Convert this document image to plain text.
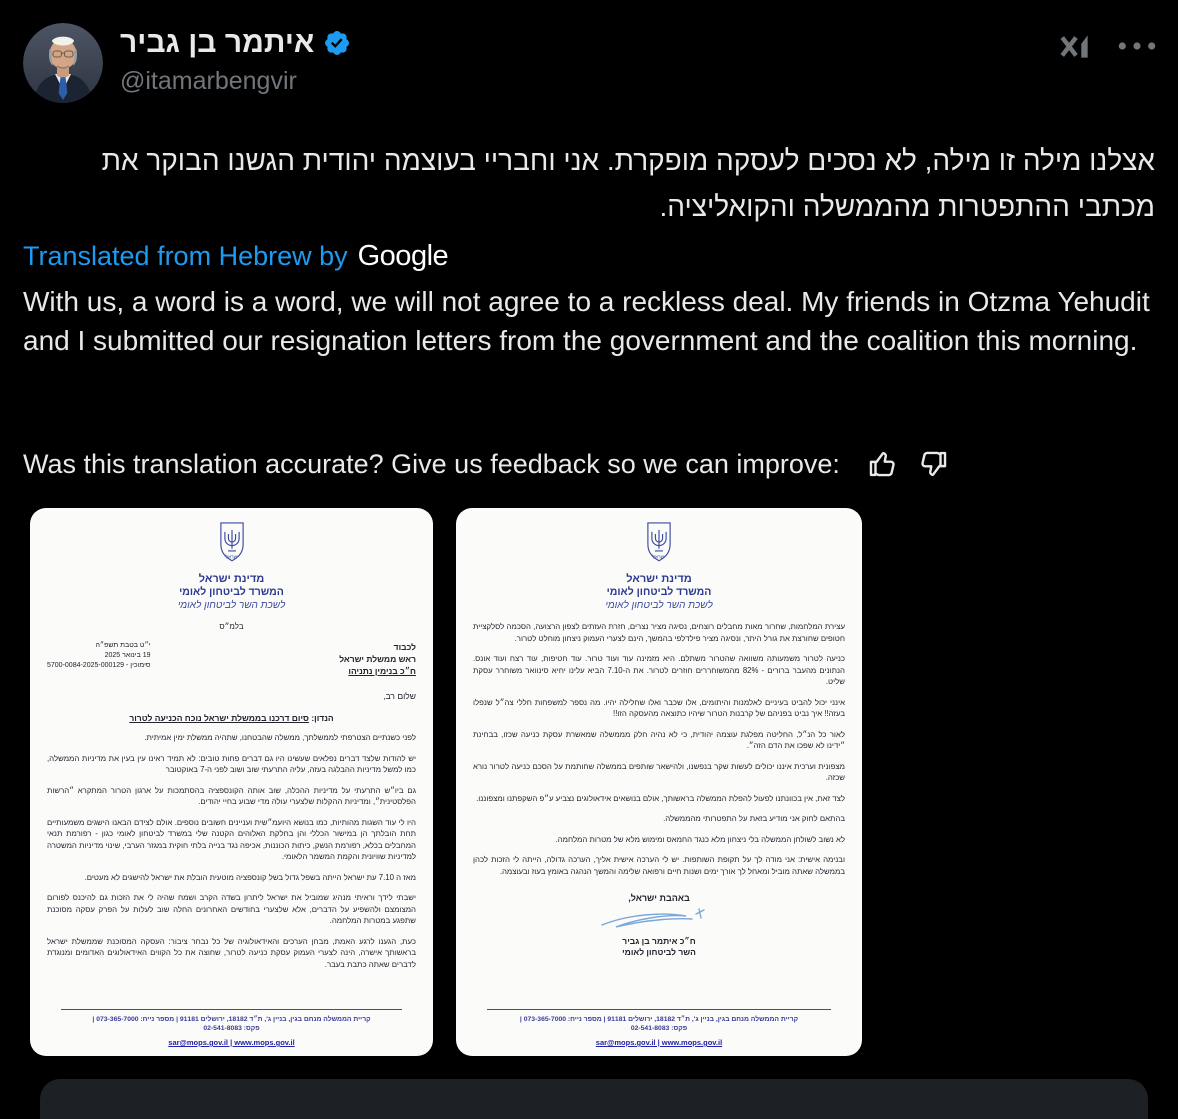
איתמר בן גביר
@itamarbengvir
אצלנו מילה זו מילה, לא נסכים לעסקה מופקרת. אני וחבריי בעוצמה יהודית הגשנו הבוקר את מכתבי ההתפטרות מהממשלה והקואליציה.
Translated from Hebrew by Google
With us, a word is a word, we will not agree to a reckless deal. My friends in Otzma Yehudit and I submitted our resignation letters from the government and the coalition this morning.
Was this translation accurate? Give us feedback so we can improve:
ישראל
מדינת ישראל
המשרד לביטחון לאומי
לשכת השר לביטחון לאומי
בלמ״ס
לכבוד
ראש ממשלת ישראל
ח״כ בנימין נתניהו
י״ט בטבת תשפ״ה
19 בינואר 2025
סימוכין - 5700-0084-2025-000129
שלום רב,
הנדון: סיום דרכנו בממשלת ישראל נוכח הכניעה לטרור
לפני כשנתיים הצטרפתי לממשלתך, ממשלה שהבטחנו, שתהיה ממשלת ימין אמיתית.
יש להודות שלצד דברים נפלאים שעשינו היו גם דברים פחות טובים: לא תמיד ראינו עין בעין את מדיניות הממשלה, כמו למשל מדיניות ההבלגה בעזה, עליה התרעתי שוב ושוב לפני ה-7 באוקטובר
גם ביו״ש התרעתי על מדיניות ההכלה, שוב אותה הקונספציה בהסתמכות על ארגון הטרור המתקרא ״הרשות הפלסטינית״, ומדיניות ההקלות שלצערי עולה מדי שבוע בחיי יהודים.
היו לי עוד השגות מהותיות, כמו בנושא היועמ״שית ועניינים חשובים נוספים. אולם לצידם הבאנו הישגים משמעותיים תחת הובלתך הן במישור הכללי והן בחלקת האלוהים הקטנה שלי במשרד לביטחון לאומי כגון - רפורמת תנאי המחבלים בכלא, רפורמת הנשק, כיתות הכוננות, אכיפה נגד בנייה בלתי חוקית במגזר הערבי, שינוי מדיניות המשטרה למדיניות שוויונית והקמת המשמר הלאומי.
מאז ה 7.10 עת ישראל הייתה בשפל גדול בשל קונספציה מוטעית הובלת את ישראל להישגים לא מעטים.
ישבתי לידך וראיתי מנהיג שמוביל את ישראל ליתרון בשדה הקרב ושמח שהיה לי את הזכות גם להיכנס לפורום המצומצם ולהשפיע על הדברים, אלא שלצערי בחודשים האחרונים החלה שוב לעלות על הפרק עסקה מסוכנת שתפגע במטרות המלחמה.
כעת, הגענו לרגע האמת, מבחן הערכים והאידאולוגיה של כל נבחר ציבור: העסקה המסוכנת שממשלת ישראל בראשותך אישרה, הינה לצערי העמוק עסקת כניעה לטרור, שחוצה את כל הקווים האידאולוגים האדומים ומנוגדת לדברים שאתה כתבת בעבר.
קריית הממשלה מנחם בגין, בניין ג', ת״ד 18182, ירושלים 91181 | מספר נייח: 073-365-7000 |
פקס: 02-541-8083
sar@mops.gov.il | www.mops.gov.il
ישראל
מדינת ישראל
המשרד לביטחון לאומי
לשכת השר לביטחון לאומי
עצירת המלחמות, שחרור מאות מחבלים רוצחים, נסיגה מציר נצרים, חזרת העזתים לצפון הרצועה, הסכמה לסלקציית חטופים שחורצת את גורל היתר, ונסיגה מציר פילדלפי בהמשך, הינם לצערי העמוק ניצחון מוחלט לטרור.
כניעה לטרור משמעותה משוואה שהטרור משתלם. היא מזמינה עוד ועוד טרור. עוד חטיפות, עוד רצח ועוד אונס. הנתונים מהעבר ברורים - 82% מהמשוחררים חוזרים לטרור. את ה-7.10 הביא עלינו יחיא סינוואר משוחרר עסקת שליט.
אינני יכול להביט בעיניים לאלמנות והיתומים, אלו שכבר ואלו שחלילה יהיו. מה נספר למשפחות חללי צה״ל שנפלו בעזה!! איך נביט בפניהם של קרבנות הטרור שיהיו כתוצאה מהעסקה הזו!!
לאור כל הנ״ל, החליטה מפלגת עוצמה יהודית, כי לא נהיה חלק מממשלה שמאשרת עסקת כניעה שכזו, בבחינת ״ידינו לא שפכו את הדם הזה״.
מצפונית וערכית איננו יכולים לעשות שקר בנפשנו, ולהישאר שותפים בממשלה שחותמת על הסכם כניעה לטרור נורא שכזה.
לצד זאת, אין בכוונתנו לפעול להפלת הממשלה בראשותך, אולם בנושאים אידאולוגים נצביע ע״פ השקפתנו ומצפוננו.
בהתאם לחוק אני מודיע בזאת על התפטרותי מהממשלה.
לא נשוב לשולחן הממשלה בלי ניצחון מלא כנגד החמאס ומימוש מלא של מטרות המלחמה.
ובנימה אישית: אני מודה לך על תקופת השותפות. יש לי הערכה אישית אליך, הערכה גדולה, הייתה לי הזכות לכהן בממשלה שאתה מוביל ומאחל לך אורך ימים ושנות חיים ורפואה שלימה והמשך הנהגה באומץ בעוז ובעוצמה.
באהבת ישראל,
ח״כ איתמר בן גביר
השר לביטחון לאומי
קריית הממשלה מנחם בגין, בניין ג', ת״ד 18182, ירושלים 91181 | מספר נייח: 073-365-7000 |
פקס: 02-541-8083
sar@mops.gov.il | www.mops.gov.il
